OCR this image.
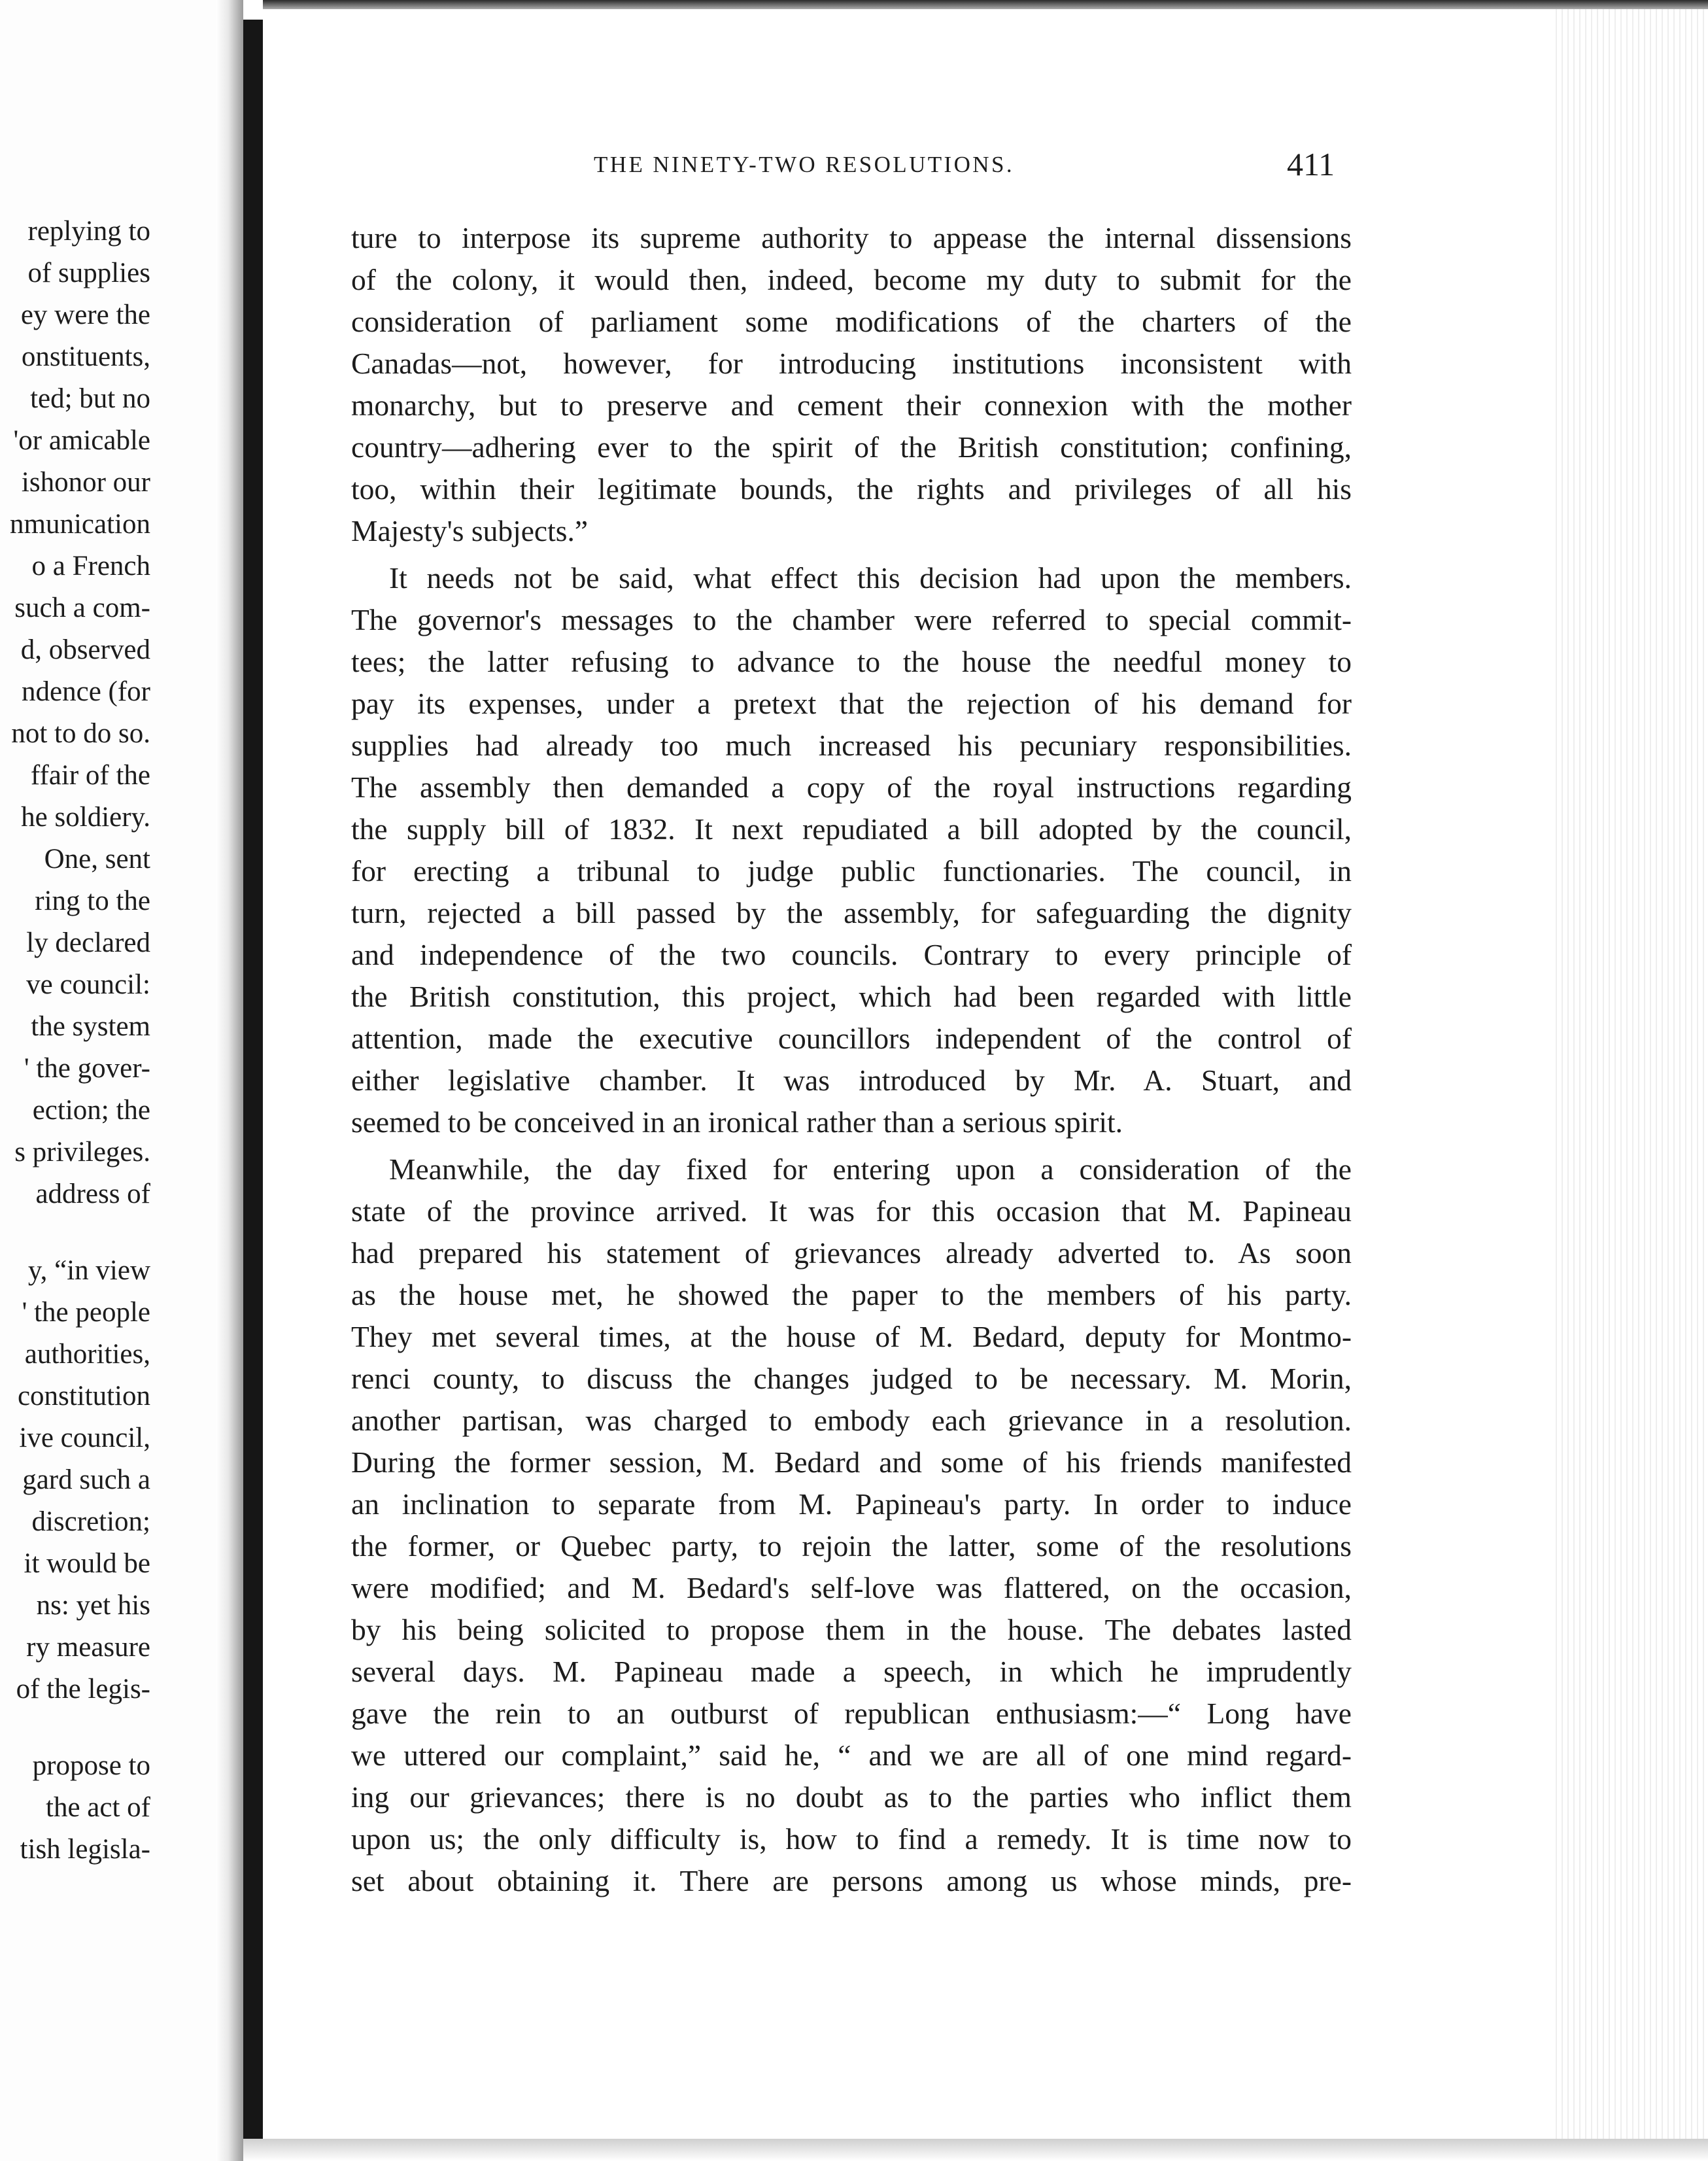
replying to
of supplies
ey were the
onstituents,
ted; but no
'or amicable
ishonor our
nmunication
o a French
such a com-
d, observed
ndence (for
not to do so.
ffair of the
he soldiery.
One, sent
ring to the
ly declared
ve council:
the system
' the gover-
ection; the
s privileges.
address of
y, “in view
' the people
authorities,
constitution
ive council,
gard such a
discretion;
it would be
ns: yet his
ry measure
of the legis-
propose to
the act of
tish legisla-
THE NINETY-TWO RESOLUTIONS.	411
ture to interpose its supreme authority to appease the internal dissensions
of the colony, it would then, indeed, become my duty to submit for the
consideration of parliament some modifications of the charters of the
Canadas—not, however, for introducing institutions inconsistent with
monarchy, but to preserve and cement their connexion with the mother
country—adhering ever to the spirit of the British constitution; confining,
too, within their legitimate bounds, the rights and privileges of all his
Majesty's subjects.”
It needs not be said, what effect this decision had upon the members.
The governor's messages to the chamber were referred to special commit-
tees; the latter refusing to advance to the house the needful money to
pay its expenses, under a pretext that the rejection of his demand for
supplies had already too much increased his pecuniary responsibilities.
The assembly then demanded a copy of the royal instructions regarding
the supply bill of 1832. It next repudiated a bill adopted by the council,
for erecting a tribunal to judge public functionaries. The council, in
turn, rejected a bill passed by the assembly, for safeguarding the dignity
and independence of the two councils. Contrary to every principle of
the British constitution, this project, which had been regarded with little
attention, made the executive councillors independent of the control of
either legislative chamber. It was introduced by Mr. A. Stuart, and
seemed to be conceived in an ironical rather than a serious spirit.
Meanwhile, the day fixed for entering upon a consideration of the
state of the province arrived. It was for this occasion that M. Papineau
had prepared his statement of grievances already adverted to. As soon
as the house met, he showed the paper to the members of his party.
They met several times, at the house of M. Bedard, deputy for Montmo-
renci county, to discuss the changes judged to be necessary. M. Morin,
another partisan, was charged to embody each grievance in a resolution.
During the former session, M. Bedard and some of his friends manifested
an inclination to separate from M. Papineau's party. In order to induce
the former, or Quebec party, to rejoin the latter, some of the resolutions
were modified; and M. Bedard's self-love was flattered, on the occasion,
by his being solicited to propose them in the house. The debates lasted
several days. M. Papineau made a speech, in which he imprudently
gave the rein to an outburst of republican enthusiasm:—“ Long have
we uttered our complaint,” said he, “ and we are all of one mind regard-
ing our grievances; there is no doubt as to the parties who inflict them
upon us; the only difficulty is, how to find a remedy. It is time now to
set about obtaining it. There are persons among us whose minds, pre-
